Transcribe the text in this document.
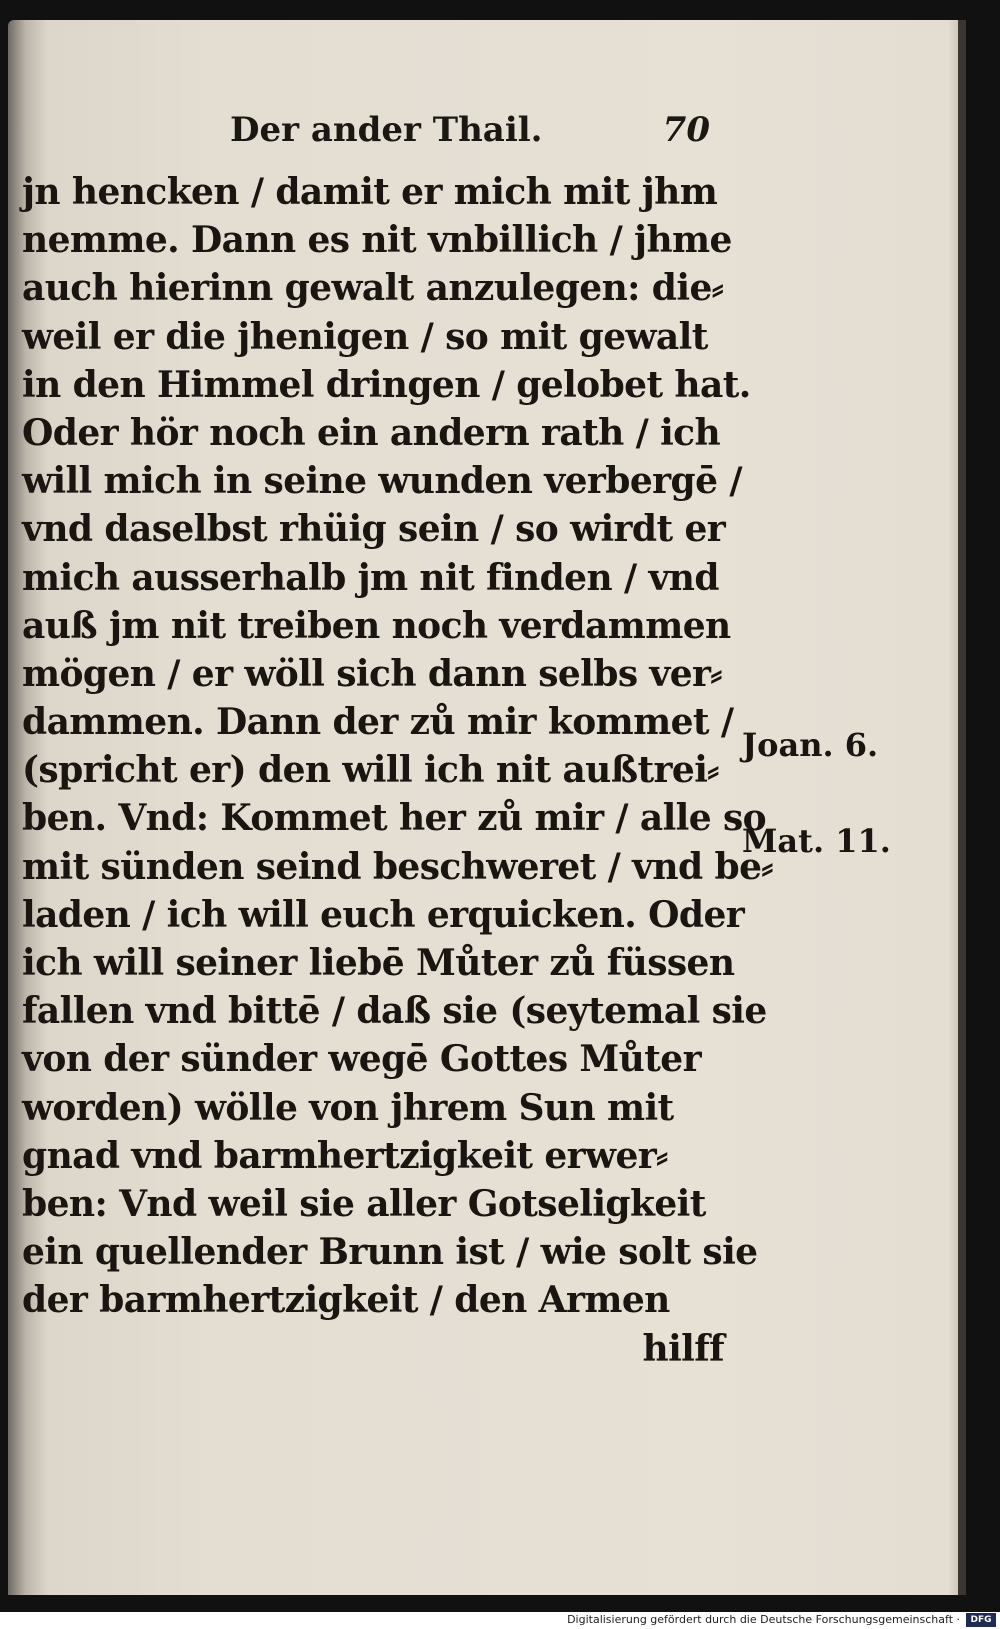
Der ander Thail.	70
jn hencken / damit er mich mit jhm
nemme. Dann es nit vnbillich / jhme
auch hierinn gewalt anzulegen: die⸗
weil er die jhenigen / so mit gewalt
in den Himmel dringen / gelobet hat.
Oder hör noch ein andern rath / ich
will mich in seine wunden verbergē /
vnd daselbst rhüig sein / so wirdt er
mich ausserhalb jm nit finden / vnd
auß jm nit treiben noch verdammen
mögen / er wöll sich dann selbs ver⸗
dammen. Dann der zů mir kommet /
(spricht er) den will ich nit außtrei⸗
ben. Vnd: Kommet her zů mir / alle so
mit sünden seind beschweret / vnd be⸗
laden / ich will euch erquicken. Oder
ich will seiner liebē Můter zů füssen
fallen vnd bittē / daß sie (seytemal sie
von der sünder wegē Gottes Můter
worden) wölle von jhrem Sun mit
gnad vnd barmhertzigkeit erwer⸗
ben: Vnd weil sie aller Gotseligkeit
ein quellender Brunn ist / wie solt sie
der barmhertzigkeit / den Armen
hilff
Joan. 6.
Mat. 11.
Digitalisierung gefördert durch die Deutsche Forschungsgemeinschaft ·	DFG
